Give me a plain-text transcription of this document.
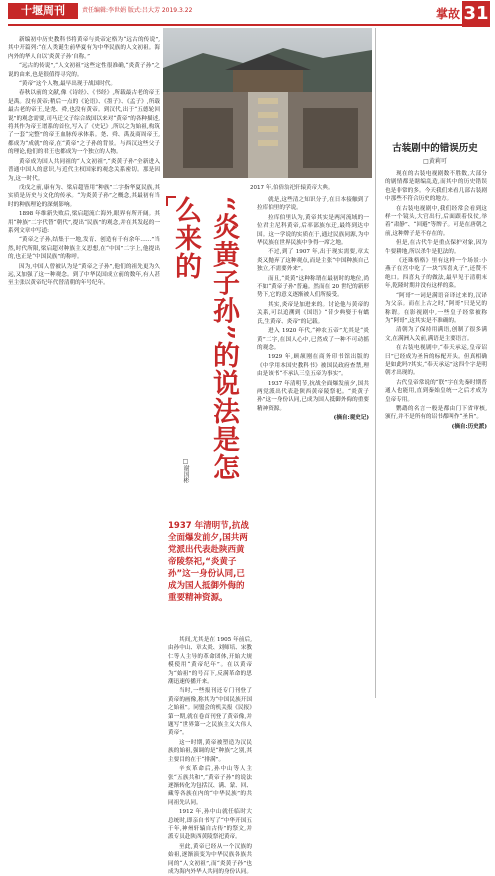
十堰周刊	责任编辑:李世娟 版式:吕大芳 2019.3.22	掌故 31

新编初中历史教科书将黄帝与炎帝定格为“远古的传说”,其中开篇列:“在人类诞生前华夏有为中华民族的人文初祖。海内外的华人自以‘炎黄子孙’自称。”

“远古的传说”,“人文初祖”这些定性很准确,“炎黄子孙”之说的由来,也是很值得寻究的。

“黄帝”这个人物,最早出现于战国时代。

春秋以前的文献,像《诗经》、《书经》,所载最古老的帝王是禹。没有黄帝;稍后一点的《论语》、《墨子》、《孟子》,所载最古老的帝王,是尧、舜,也没有黄帝。到汉代,出于“五德轮回说”的观念需要,司马迁父子综合战国以来对“黄帝”的各种描述,将其作为帝王谱系的首位,写入了《史记》,所以之为始祖,构筑了一套“完整”的帝王血脉传承体系。尧、舜、禹及商周帝王,都成为“成就”的帝,在“黄帝”之子孙的背景。与西汉这些父子的理论,他们的君王也都成为一个独立的人物。

黄帝成为国人共同祖的“人文初祖”,“炎黄子孙”全新进入普通中国人的意识,与近代主权国家的观念关系密切。那是因为,这一时代。

戊戌之前,康有为、梁启超皆用“种族”二字指华夏民族,其实质是历史与文化的传承。“为炎黄子孙”之概念,其最初有当时的种族理论的深刻影响。

1898 年维新失败后,梁启超流亡海外,眼界有所开阔。其用“种族”二字代替“朝代”,提出“民族”的观念,并在其发起的一系列文章中写道:

“黄帝之子孙,结集于一地,发育、创造有千有余年……”当然,时代所限,梁启超对种族主义思想,在“中国”二字上,他提出的,也正是“中国民族”的称呼。

因为,中国人曾被认为是“黄帝之子孙”,他们的祖先更为久远,又加强了这一种观念。到了中华民国成立前的数年,有人甚至主张以黄帝纪年代替清朝的年号纪年。

2017 年,伯俗翁祀轩辕黄帝大典。
“炎黄子孙”的说法是怎么来的
□谢国彬
1937 年清明节,抗战全面爆发前夕,国共两党派出代表赴陕西黄帝陵祭祀,“炎黄子孙”这一身份认同,已成为国人抵御外侮的重要精神资源。

就是,这些清之知识分子,在日本接触到了拉库伯里的学说。

拉库伯里认为,黄帝其实是两河流域的一位君主尼科黄帝,后率部族东迁,最终到达中国。这一学说的实质在于,通过民族同源,为中华民族在世界民族中争得一席之地。

不过,到了 1907 年,出于现实需要,章太炎又抛弃了这种观点,而是主张“中国种族自己独立,不需要外来”。

而且,“炎黄”这种称谓在最初时的地位,尚不如“黄帝子孙”普遍。然而在 20 世纪的新形势下,它的意义逐渐被人们所接受。

其实,炎帝是加进来的。讨论他与黄帝的关系,可以追溯到《国语》“昔少典娶于有蟜氏,生黄帝、炎帝”的记载。

进入 1920 年代,“神农五帝”尤其是“炎黄”二字,在国人心中,已然成了一种不可动摇的观念。

1929 年,顾颉刚在商务印书馆出版的《中学用本国史教科书》被国民政府查禁,理由是该书“不承认三皇五帝为事实”。

1937 年清明节,抗战全面爆发前夕,国共两党派出代表赴陕西黄帝陵祭祀。“炎黄子孙”这一身份认同,已成为国人抵御外侮的重要精神资源。

(摘自:观史记)

其间,尤其是在 1905 年前后,由孙中山、章太炎、刘师培、宋教仁等人主导的革命团体,开始大规模使用“黄帝纪年”。在以黄帝为“始祖”的号召下,反满革命的思潮迅速传播开来。

当时,一些报刊还专门刊登了黄帝的画像,称其为“中国民族开国之始祖”。同盟会的机关报《民报》第一期,就在卷首刊登了黄帝像,并题写“世界第一之民族主义大伟人黄帝”。

这一时期,黄帝被塑造为汉民族的始祖,强调的是“种族”之别,其主要目的在于“排满”。

辛亥革命后,孙中山等人主张“五族共和”,“黄帝子孙”的说法逐渐转化为包括汉、满、蒙、回、藏等各族在内的“中华民族”的共同祖先认同。

1912 年,孙中山就任临时大总统时,即亲自书写了“中华开国五千年,神州轩辕自古传”的祭文,并派专员赴陕西黄陵祭祀黄帝。

至此,黄帝已经从一个汉族的始祖,逐渐演变为中华民族各族共同的“人文初祖”,而“炎黄子孙”也成为海内外华人共同的身份认同。

古装剧中的错误历史
□黄莉可

现在的古装电视剧数不胜数,大部分的剧情都是瞎编乱造,而其中的历史错误也是非常的多。今天我们来看几部古装剧中那些不符合历史的地方。

在古装电视剧中,我们经常会看到这样一个镜头,大官出行,后面跟着仪仗,举着“肃静”、“回避”等牌子。可是在唐朝之前,这种牌子是不存在的。

但是,在古代牛是重点保护对象,因为牛要耕地,所以杀牛是犯法的。

《还珠格格》里有这样一个场景:小燕子在宫中吃了一块“四喜丸子”,还赞不绝口。四喜丸子的做法,最早见于清朝末年,乾隆时期并没有这样的菜。

“阿哥”一词是满语音译过来的,汉译为父亲。而在上古之时,“阿哥”只是兄的称谓。在影视剧中,一些皇子经常被称为“阿哥”,这其实是不准确的。

清朝为了保持用满语,创制了很多满文,在满洲入关前,满语是主要语言。

在古装电视剧中,“奉天承运,皇帝诏曰”已经成为圣旨的标配开头。但真相确是如此吗?其实,“奉天承运”这四个字是明朝才出现的。

古代皇帝常说的“朕”字在先秦时期普通人也能用,直到秦始皇统一之后才成为皇帝专用。

鹦鹉的名言一般是都由门下省审核,颁行,并不是所有的诏书都叫作“圣旨”。

(摘自:历史派)
